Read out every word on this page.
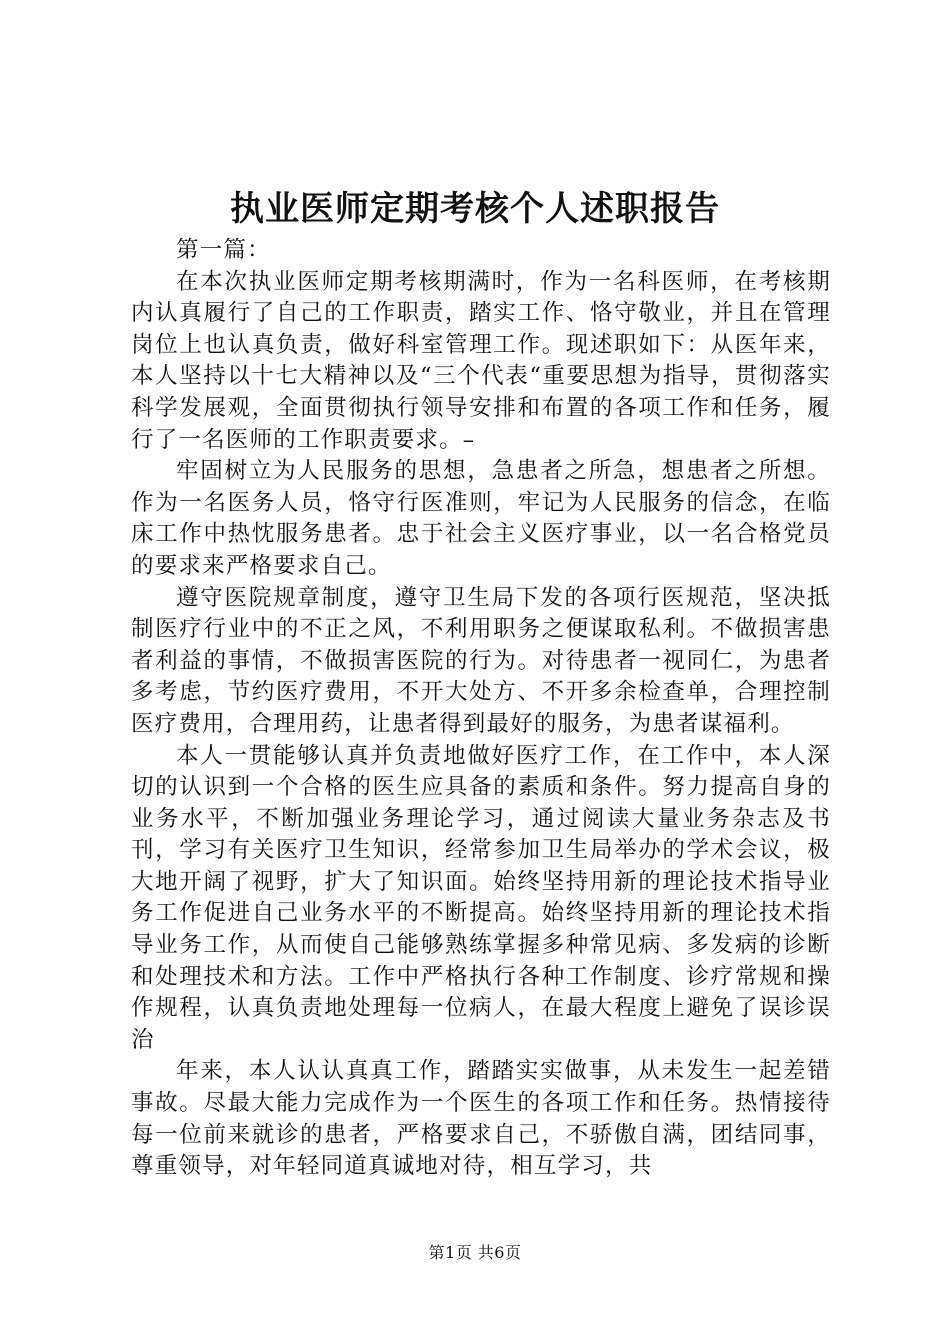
执业医师定期考核个人述职报告

第一篇：

在本次执业医师定期考核期满时，作为一名科医师，在考核期内认真履行了自己的工作职责，踏实工作、恪守敬业，并且在管理岗位上也认真负责，做好科室管理工作。现述职如下：从医年来，本人坚持以十七大精神以及“三个代表“重要思想为指导，贯彻落实科学发展观，全面贯彻执行领导安排和布置的各项工作和任务，履行了一名医师的工作职责要求。–

牢固树立为人民服务的思想，急患者之所急，想患者之所想。作为一名医务人员，恪守行医准则，牢记为人民服务的信念，在临床工作中热忱服务患者。忠于社会主义医疗事业，以一名合格党员的要求来严格要求自己。

遵守医院规章制度，遵守卫生局下发的各项行医规范，坚决抵制医疗行业中的不正之风，不利用职务之便谋取私利。不做损害患者利益的事情，不做损害医院的行为。对待患者一视同仁，为患者多考虑，节约医疗费用，不开大处方、不开多余检查单，合理控制医疗费用，合理用药，让患者得到最好的服务，为患者谋福利。

本人一贯能够认真并负责地做好医疗工作，在工作中，本人深切的认识到一个合格的医生应具备的素质和条件。努力提高自身的业务水平，不断加强业务理论学习，通过阅读大量业务杂志及书刊，学习有关医疗卫生知识，经常参加卫生局举办的学术会议，极大地开阔了视野，扩大了知识面。始终坚持用新的理论技术指导业务工作促进自己业务水平的不断提高。始终坚持用新的理论技术指导业务工作，从而使自己能够熟练掌握多种常见病、多发病的诊断和处理技术和方法。工作中严格执行各种工作制度、诊疗常规和操作规程，认真负责地处理每一位病人，在最大程度上避免了误诊误治

年来，本人认认真真工作，踏踏实实做事，从未发生一起差错事故。尽最大能力完成作为一个医生的各项工作和任务。热情接待每一位前来就诊的患者，严格要求自己，不骄傲自满，团结同事，尊重领导，对年轻同道真诚地对待，相互学习，共

第1页 共6页
